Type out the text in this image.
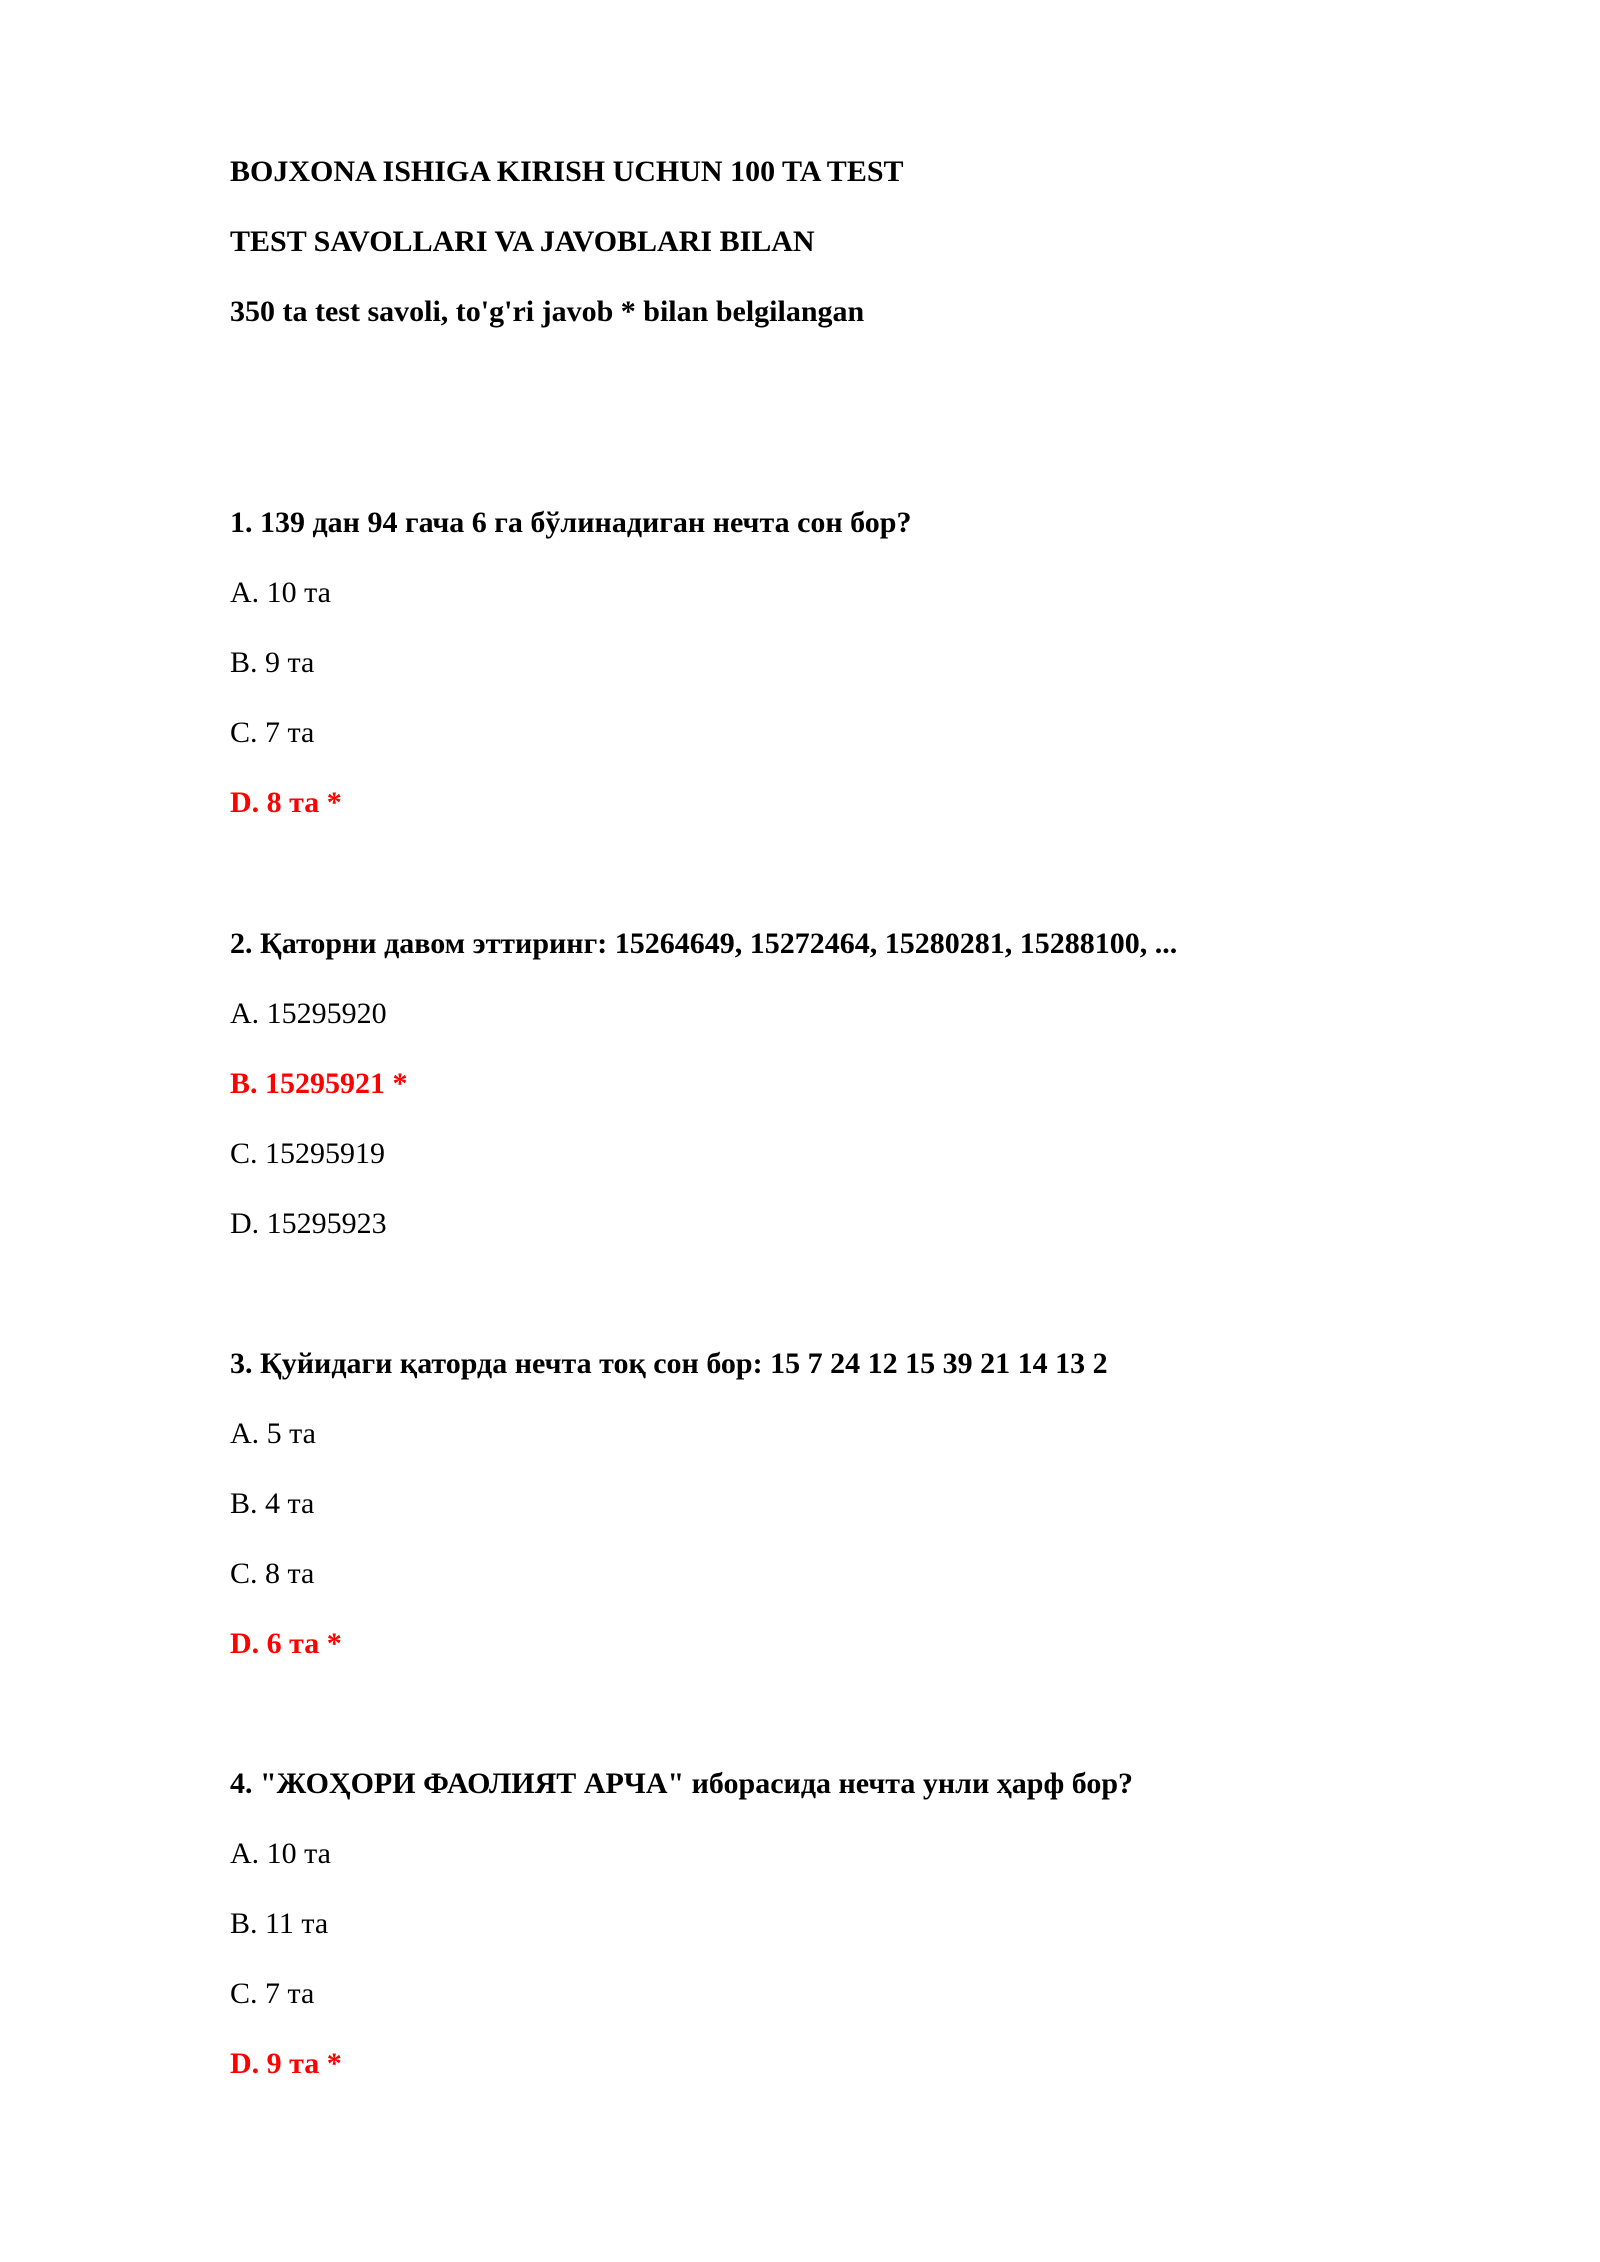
BOJXONA ISHIGA KIRISH UCHUN 100 TA TEST
TEST SAVOLLARI VA JAVOBLARI BILAN
350 ta test savoli, to'g'ri javob * bilan belgilangan
1. 139 дан 94 гача 6 га бўлинадиган нечта сон бор?
A. 10 та
B. 9 та
C. 7 та
D. 8 та *
2. Қаторни давом эттиринг: 15264649, 15272464, 15280281, 15288100, ...
A. 15295920
B. 15295921 *
C. 15295919
D. 15295923
3. Қуйидаги қаторда нечта тоқ сон бор: 15 7 24 12 15 39 21 14 13 2
A. 5 та
B. 4 та
C. 8 та
D. 6 та *
4. "ЖОҲОРИ ФАОЛИЯТ АРЧА" иборасида нечта унли ҳарф бор?
A. 10 та
B. 11 та
C. 7 та
D. 9 та *
